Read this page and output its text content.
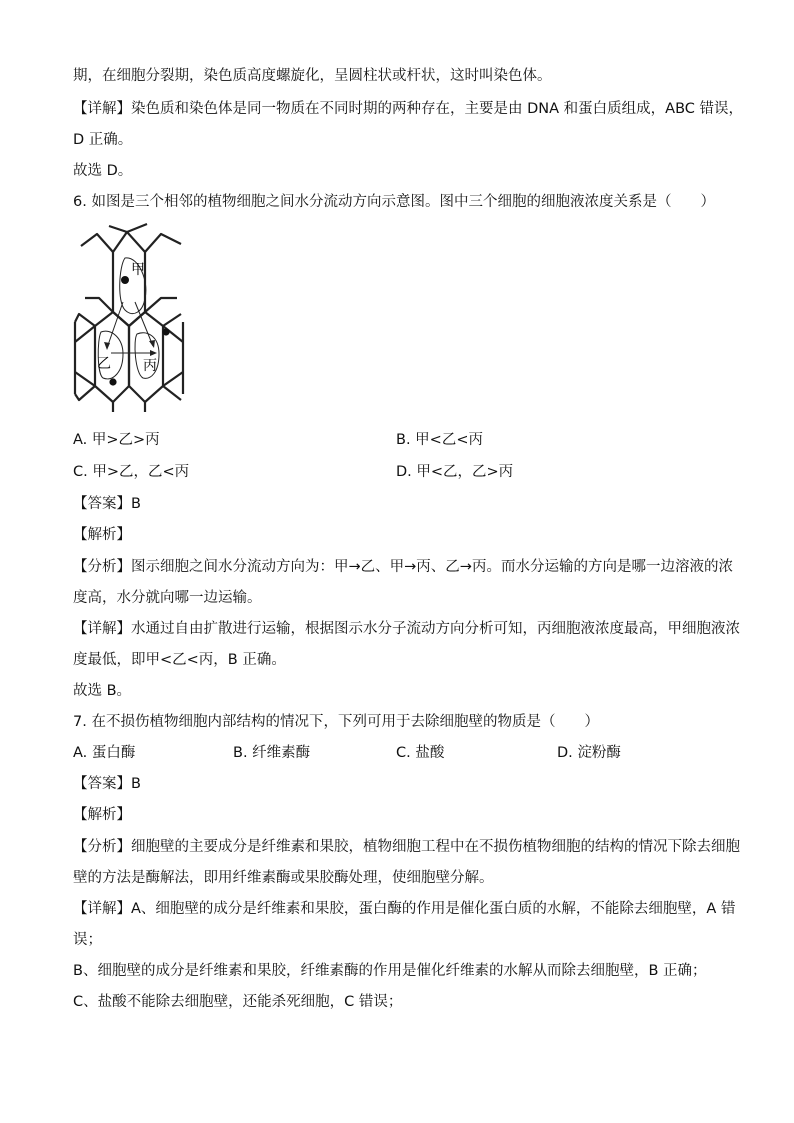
期，在细胞分裂期，染色质高度螺旋化，呈圆柱状或杆状，这时叫染色体。
【详解】染色质和染色体是同一物质在不同时期的两种存在，主要是由 DNA 和蛋白质组成，ABC 错误，
D 正确。
故选 D。
6. 如图是三个相邻的植物细胞之间水分流动方向示意图。图中三个细胞的细胞液浓度关系是（　　）
甲
乙 丙
A. 甲>乙>丙	B. 甲<乙<丙
C. 甲>乙，乙<丙	D. 甲<乙，乙>丙
【答案】B
【解析】
【分析】图示细胞之间水分流动方向为：甲→乙、甲→丙、乙→丙。而水分运输的方向是哪一边溶液的浓
度高，水分就向哪一边运输。
【详解】水通过自由扩散进行运输，根据图示水分子流动方向分析可知，丙细胞液浓度最高，甲细胞液浓
度最低，即甲<乙<丙，B 正确。
故选 B。
7. 在不损伤植物细胞内部结构的情况下，下列可用于去除细胞壁的物质是（　　）
A. 蛋白酶	B. 纤维素酶	C. 盐酸	D. 淀粉酶
【答案】B
【解析】
【分析】细胞壁的主要成分是纤维素和果胶，植物细胞工程中在不损伤植物细胞的结构的情况下除去细胞
壁的方法是酶解法，即用纤维素酶或果胶酶处理，使细胞壁分解。
【详解】A、细胞壁的成分是纤维素和果胶，蛋白酶的作用是催化蛋白质的水解，不能除去细胞壁，A 错
误；
B、细胞壁的成分是纤维素和果胶，纤维素酶的作用是催化纤维素的水解从而除去细胞壁，B 正确；
C、盐酸不能除去细胞壁，还能杀死细胞，C 错误；
